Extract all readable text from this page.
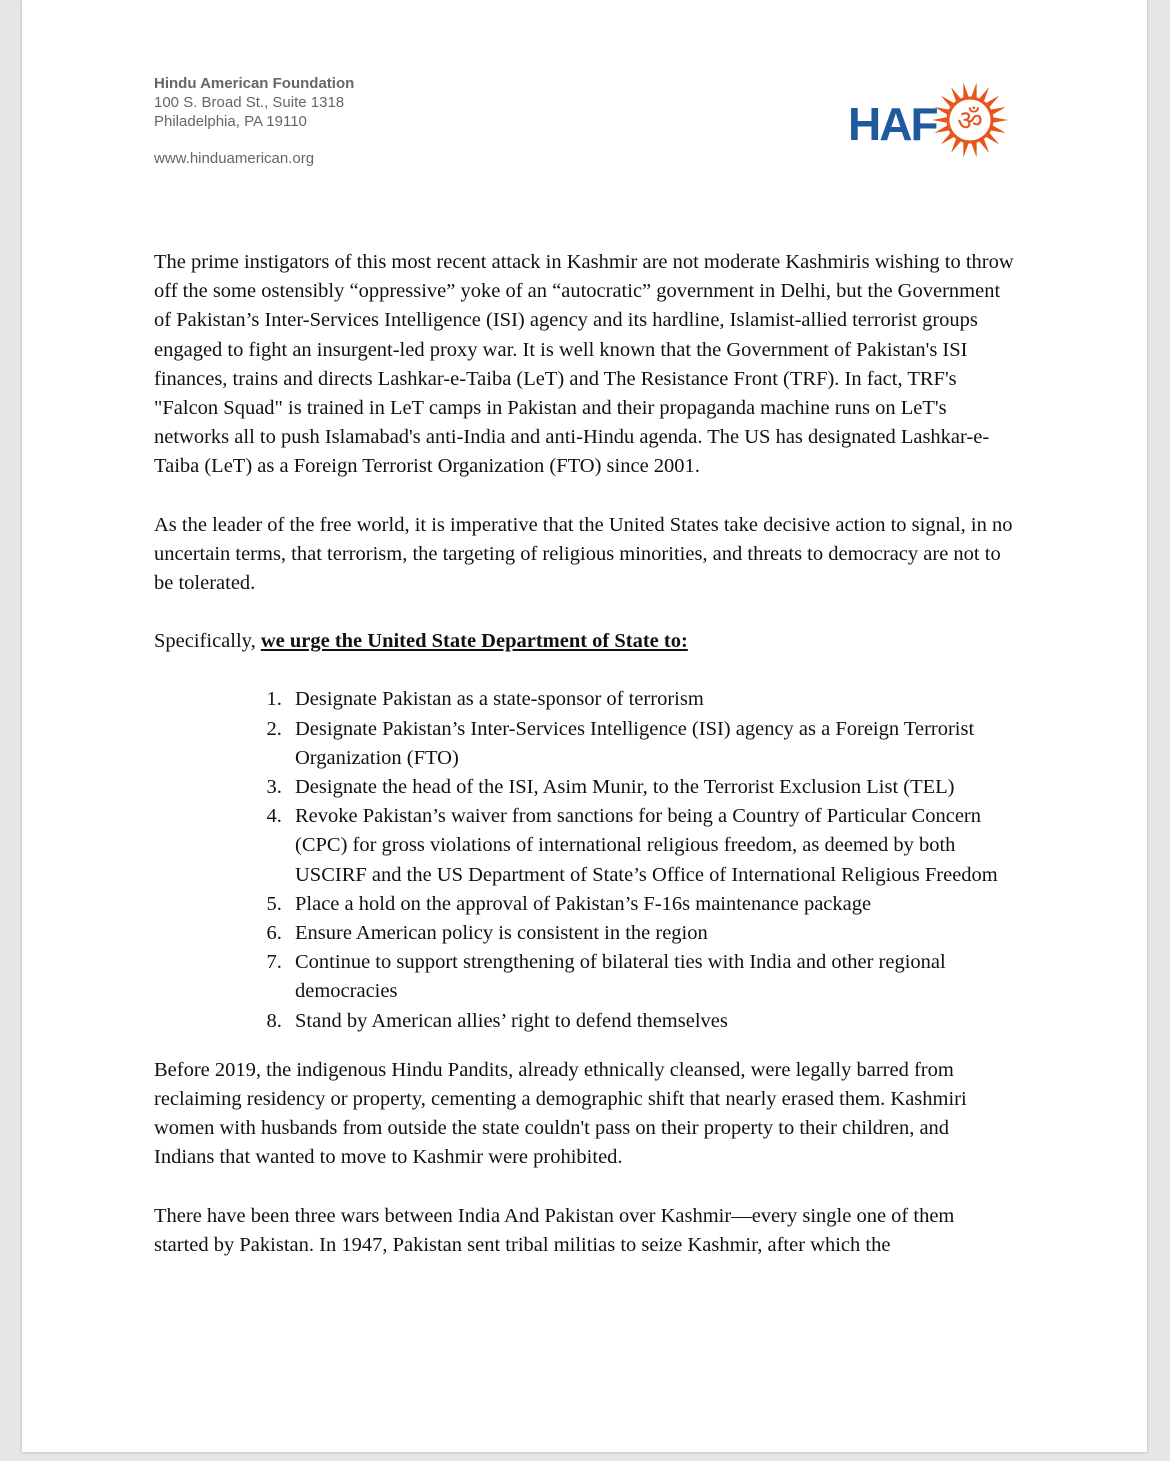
Hindu American Foundation
100 S. Broad St., Suite 1318
Philadelphia, PA 19110
www.hinduamerican.org
ॐ
HAF

The prime instigators of this most recent attack in Kashmir are not moderate Kashmiris wishing to throw off the some ostensibly “oppressive” yoke of an “autocratic” government in Delhi, but the Government of Pakistan’s Inter-Services Intelligence (ISI) agency and its hardline, Islamist-allied terrorist groups engaged to fight an insurgent-led proxy war. It is well known that the Government of Pakistan's ISI finances, trains and directs Lashkar-e-Taiba (LeT) and The Resistance Front (TRF). In fact, TRF's "Falcon Squad" is trained in LeT camps in Pakistan and their propaganda machine runs on LeT's networks all to push Islamabad's anti-India and anti-Hindu agenda. The US has designated Lashkar-e-Taiba (LeT) as a Foreign Terrorist Organization (FTO) since 2001.

As the leader of the free world, it is imperative that the United States take decisive action to signal, in no uncertain terms, that terrorism, the targeting of religious minorities, and threats to democracy are not to be tolerated.

Specifically, we urge the United State Department of State to:

1. Designate Pakistan as a state-sponsor of terrorism
2. Designate Pakistan’s Inter-Services Intelligence (ISI) agency as a Foreign Terrorist Organization (FTO)
3. Designate the head of the ISI, Asim Munir, to the Terrorist Exclusion List (TEL)
4. Revoke Pakistan’s waiver from sanctions for being a Country of Particular Concern (CPC) for gross violations of international religious freedom, as deemed by both USCIRF and the US Department of State’s Office of International Religious Freedom
5. Place a hold on the approval of Pakistan’s F-16s maintenance package
6. Ensure American policy is consistent in the region
7. Continue to support strengthening of bilateral ties with India and other regional democracies
8. Stand by American allies’ right to defend themselves

Before 2019, the indigenous Hindu Pandits, already ethnically cleansed, were legally barred from reclaiming residency or property, cementing a demographic shift that nearly erased them. Kashmiri women with husbands from outside the state couldn't pass on their property to their children, and Indians that wanted to move to Kashmir were prohibited.

There have been three wars between India And Pakistan over Kashmir—every single one of them started by Pakistan. In 1947, Pakistan sent tribal militias to seize Kashmir, after which the
